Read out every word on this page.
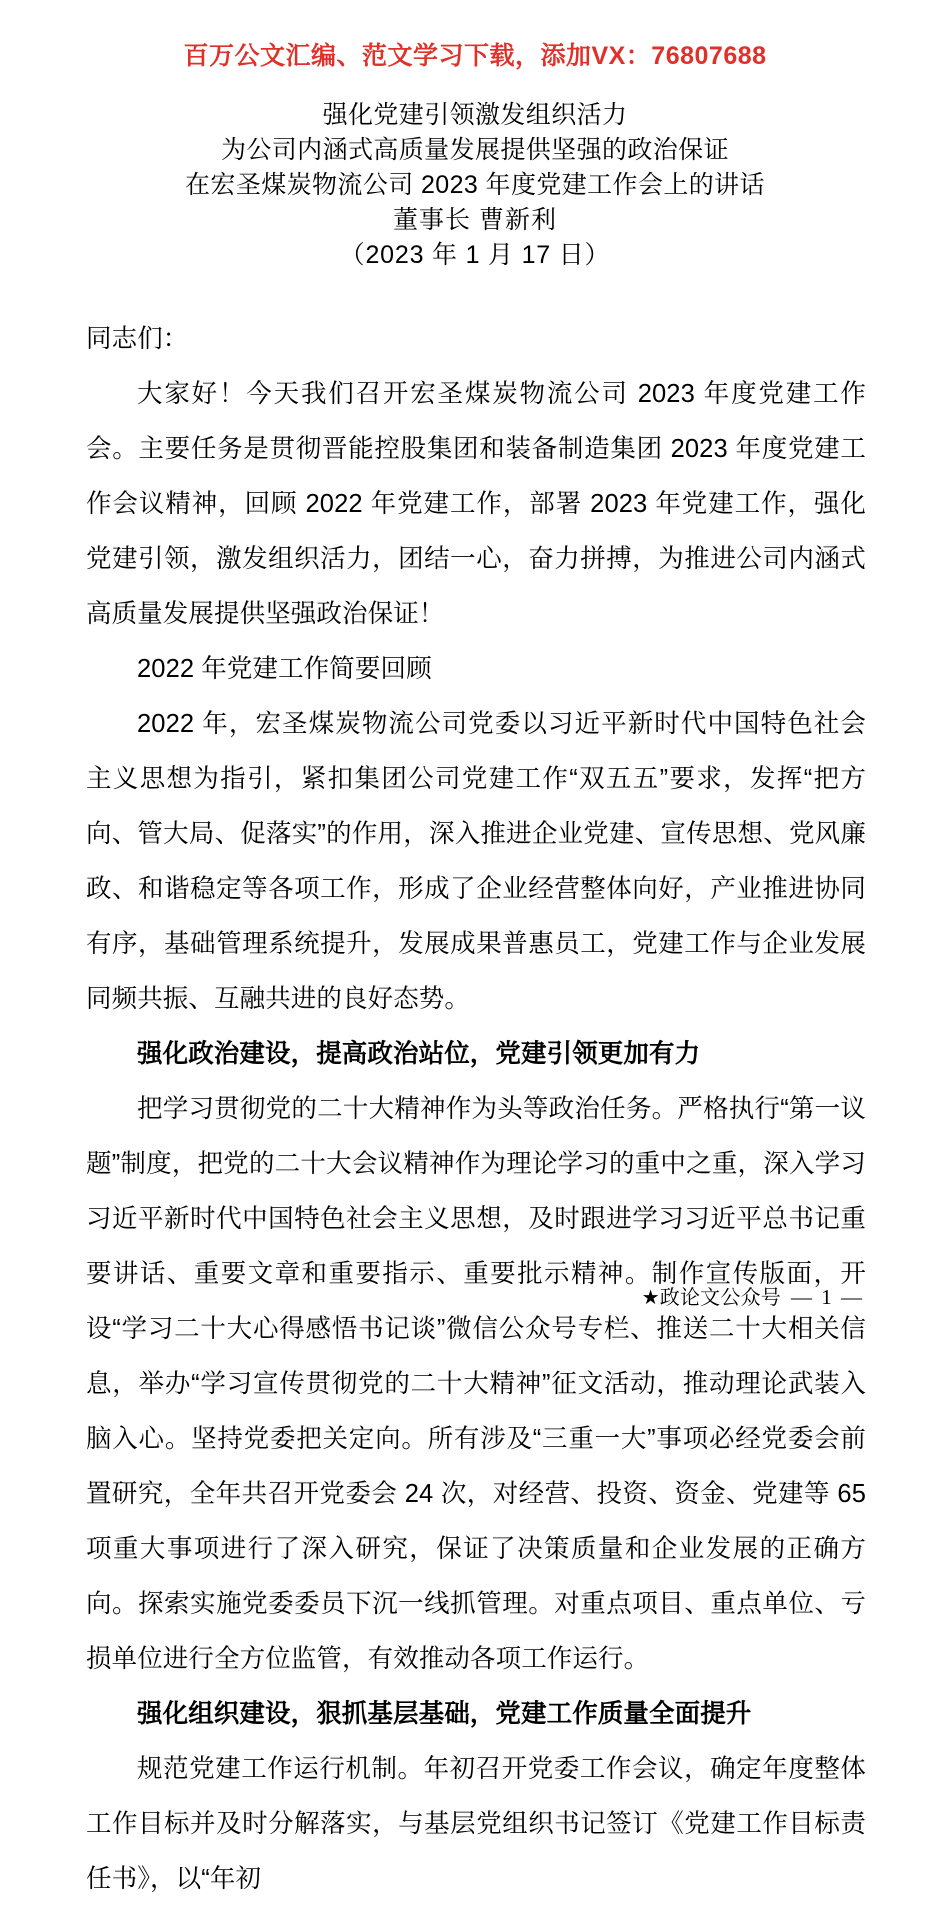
百万公文汇编、范文学习下载，添加VX：76807688
强化党建引领激发组织活力
为公司内涵式高质量发展提供坚强的政治保证
在宏圣煤炭物流公司 2023 年度党建工作会上的讲话
董事长 曹新利
（2023 年 1 月 17 日）

同志们：

大家好！今天我们召开宏圣煤炭物流公司 2023 年度党建工作会。主要任务是贯彻晋能控股集团和装备制造集团 2023 年度党建工作会议精神，回顾 2022 年党建工作，部署 2023 年党建工作，强化党建引领，激发组织活力，团结一心，奋力拼搏，为推进公司内涵式高质量发展提供坚强政治保证！

2022 年党建工作简要回顾

2022 年，宏圣煤炭物流公司党委以习近平新时代中国特色社会主义思想为指引，紧扣集团公司党建工作“双五五”要求，发挥“把方向、管大局、促落实”的作用，深入推进企业党建、宣传思想、党风廉政、和谐稳定等各项工作，形成了企业经营整体向好，产业推进协同有序，基础管理系统提升，发展成果普惠员工，党建工作与企业发展同频共振、互融共进的良好态势。

强化政治建设，提高政治站位，党建引领更加有力

把学习贯彻党的二十大精神作为头等政治任务。严格执行“第一议题”制度，把党的二十大会议精神作为理论学习的重中之重，深入学习习近平新时代中国特色社会主义思想，及时跟进学习习近平总书记重要讲话、重要文章和重要指示、重要批示精神。制作宣传版面，开设“学习二十大心得感悟书记谈”微信公众号专栏、推送二十大相关信息，举办“学习宣传贯彻党的二十大精神”征文活动，推动理论武装入脑入心。坚持党委把关定向。所有涉及“三重一大”事项必经党委会前置研究，全年共召开党委会 24 次，对经营、投资、资金、党建等 65 项重大事项进行了深入研究，保证了决策质量和企业发展的正确方向。探索实施党委委员下沉一线抓管理。对重点项目、重点单位、亏损单位进行全方位监管，有效推动各项工作运行。

强化组织建设，狠抓基层基础，党建工作质量全面提升

规范党建工作运行机制。年初召开党委工作会议，确定年度整体工作目标并及时分解落实，与基层党组织书记签订《党建工作目标责任书》，以“年初

★政论文公众号 — 1 —
